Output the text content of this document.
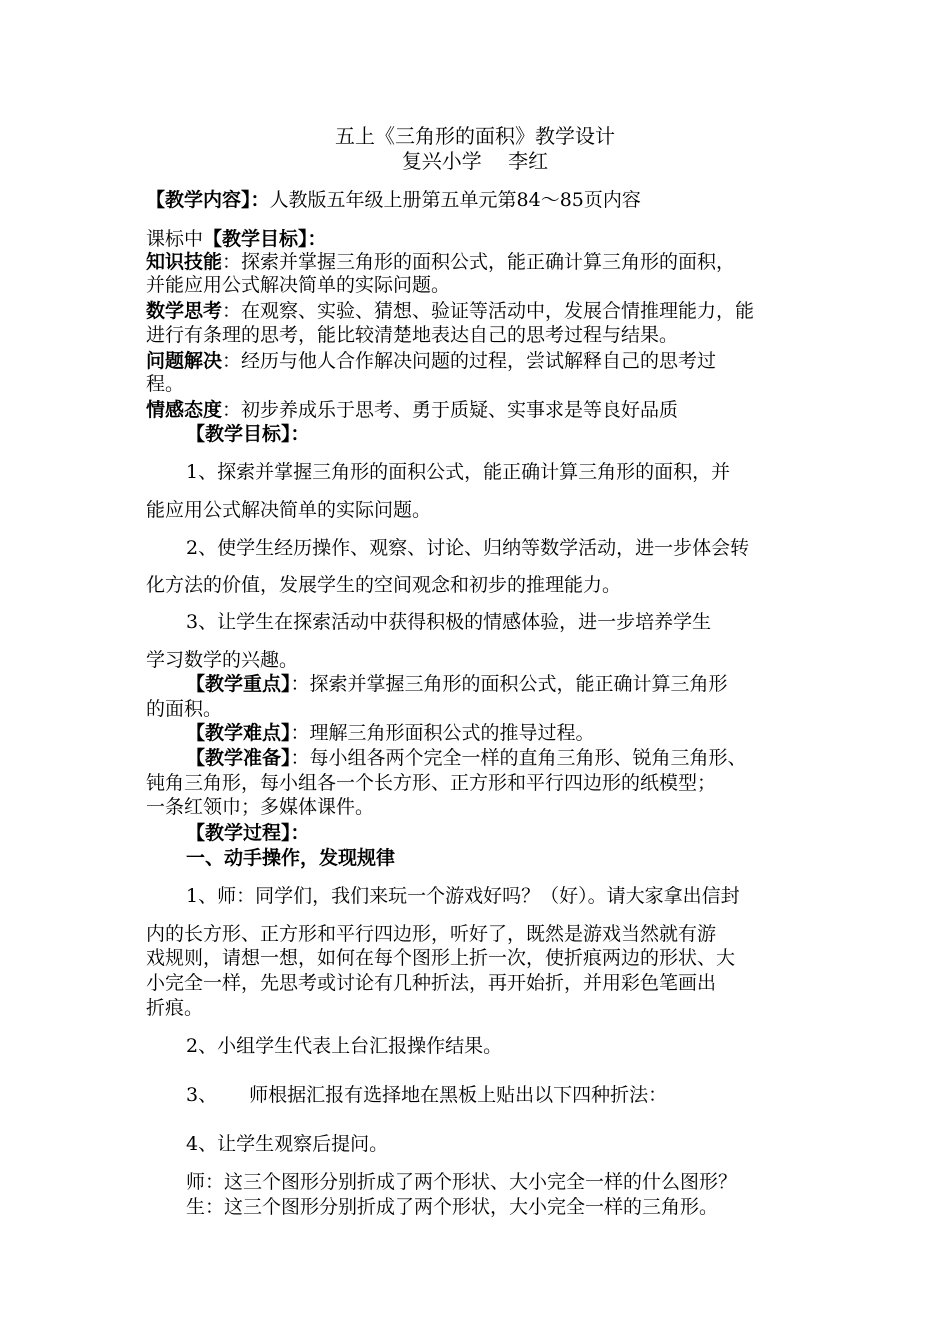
五上《三角形的面积》教学设计
复兴小学　 李红
【教学内容】：人教版五年级上册第五单元第84～85页内容
课标中【教学目标】：
知识技能：探索并掌握三角形的面积公式，能正确计算三角形的面积，
并能应用公式解决简单的实际问题。
数学思考：在观察、实验、猜想、验证等活动中，发展合情推理能力，能
进行有条理的思考，能比较清楚地表达自己的思考过程与结果。
问题解决：经历与他人合作解决问题的过程，尝试解释自己的思考过
程。
情感态度：初步养成乐于思考、勇于质疑、实事求是等良好品质
【教学目标】：
1、探索并掌握三角形的面积公式，能正确计算三角形的面积，并
能应用公式解决简单的实际问题。
2、使学生经历操作、观察、讨论、归纳等数学活动，进一步体会转
化方法的价值，发展学生的空间观念和初步的推理能力。
3、让学生在探索活动中获得积极的情感体验，进一步培养学生
学习数学的兴趣。
【教学重点】：探索并掌握三角形的面积公式，能正确计算三角形
的面积。
【教学难点】：理解三角形面积公式的推导过程。
【教学准备】：每小组各两个完全一样的直角三角形、锐角三角形、
钝角三角形，每小组各一个长方形、正方形和平行四边形的纸模型；
一条红领巾；多媒体课件。
【教学过程】：
一、动手操作，发现规律
1、师：同学们，我们来玩一个游戏好吗？（好）。请大家拿出信封
内的长方形、正方形和平行四边形，听好了，既然是游戏当然就有游
戏规则，请想一想，如何在每个图形上折一次，使折痕两边的形状、大
小完全一样，先思考或讨论有几种折法，再开始折，并用彩色笔画出
折痕。
2、小组学生代表上台汇报操作结果。
3、 师根据汇报有选择地在黑板上贴出以下四种折法：
4、让学生观察后提问。
师：这三个图形分别折成了两个形状、大小完全一样的什么图形？
生：这三个图形分别折成了两个形状，大小完全一样的三角形。
